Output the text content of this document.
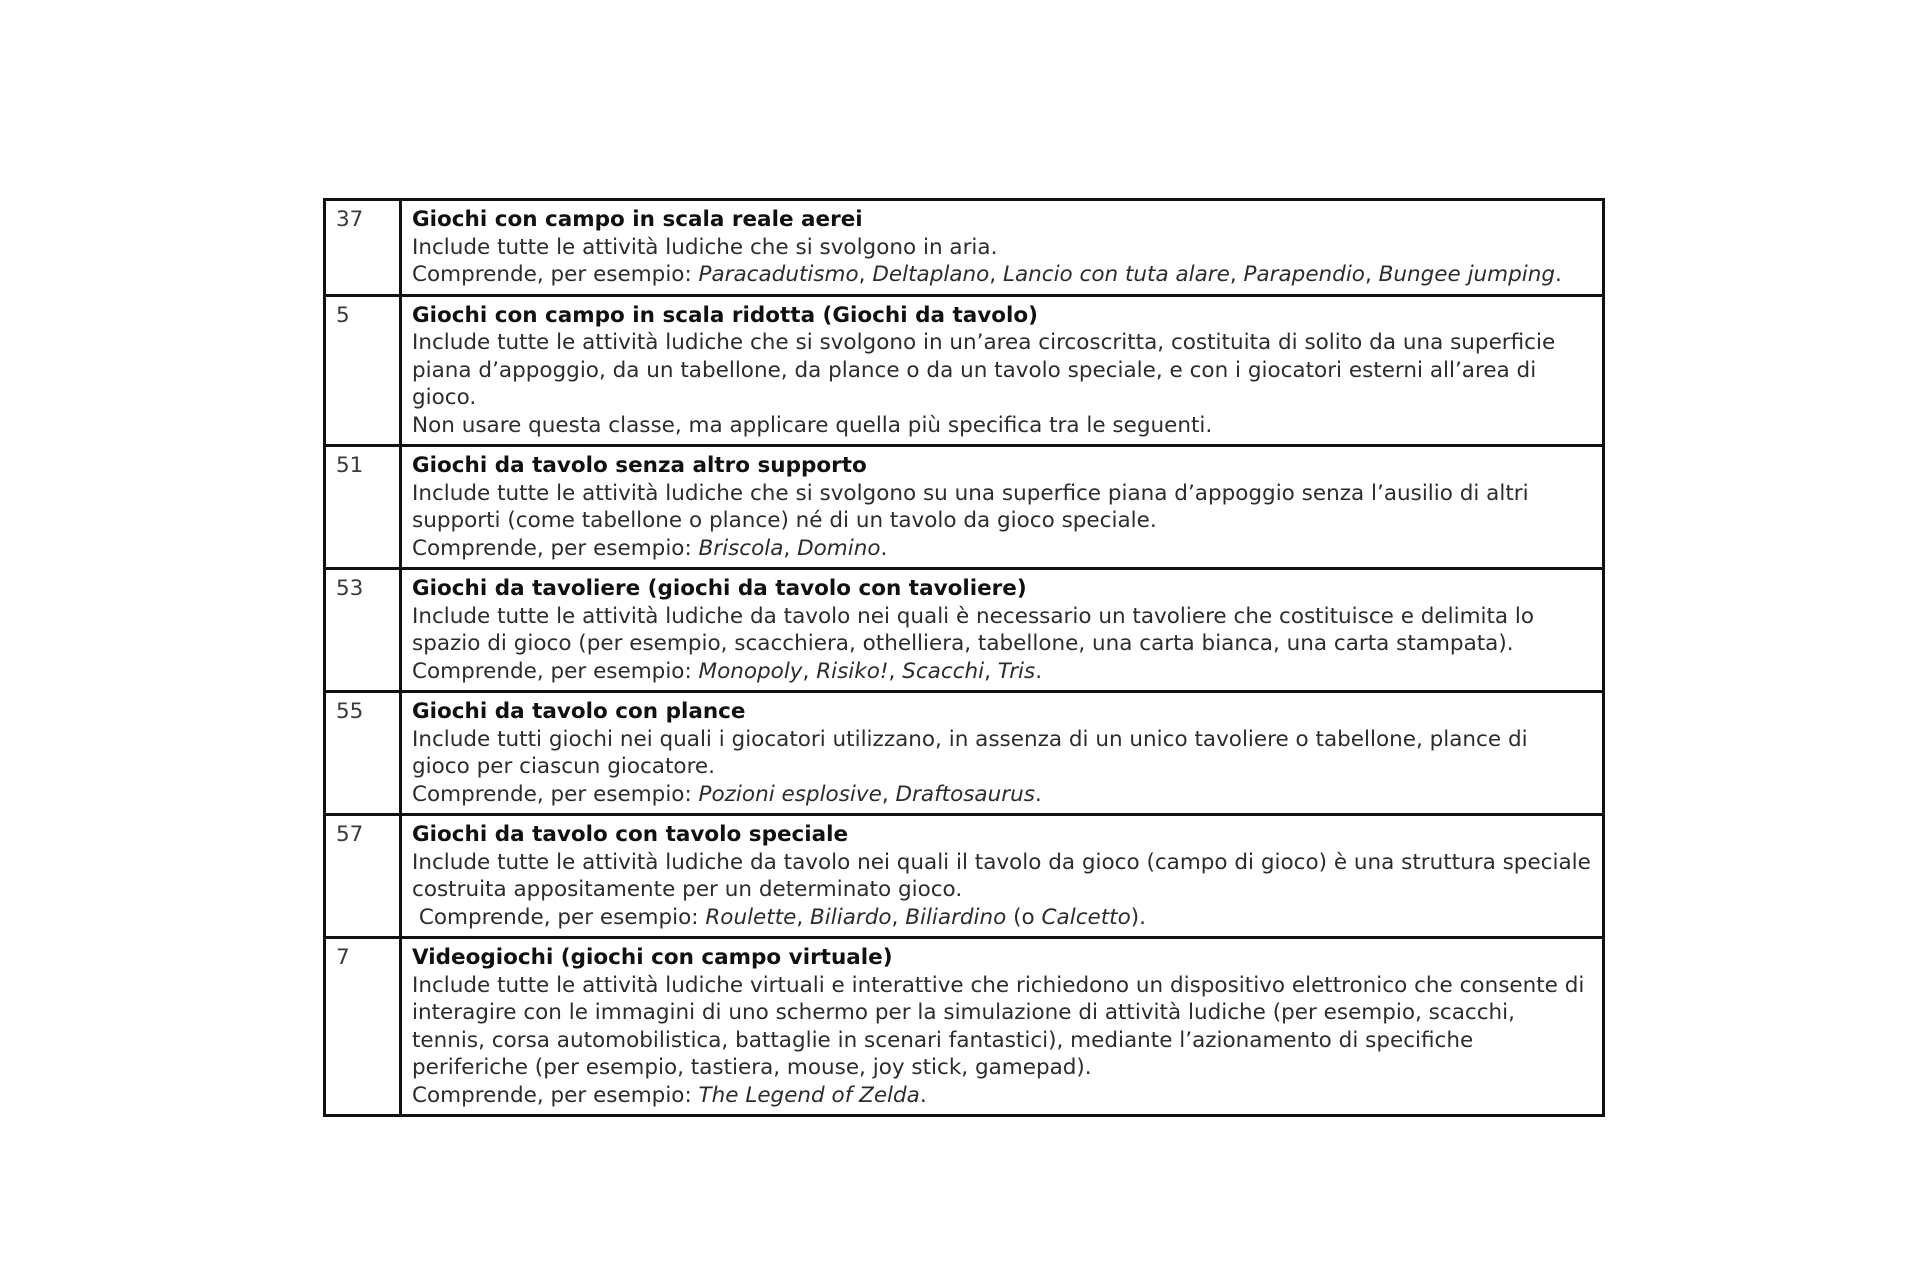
37	Giochi con campo in scala reale aerei
Include tutte le attività ludiche che si svolgono in aria.
Comprende, per esempio: Paracadutismo, Deltaplano, Lancio con tuta alare, Parapendio, Bungee jumping.

5	Giochi con campo in scala ridotta (Giochi da tavolo)
Include tutte le attività ludiche che si svolgono in un’area circoscritta, costituita di solito da una superficie piana d’appoggio, da un tabellone, da plance o da un tavolo speciale, e con i giocatori esterni all’area di gioco.
Non usare questa classe, ma applicare quella più specifica tra le seguenti.

51	Giochi da tavolo senza altro supporto
Include tutte le attività ludiche che si svolgono su una superfice piana d’appoggio senza l’ausilio di altri supporti (come tabellone o plance) né di un tavolo da gioco speciale.
Comprende, per esempio: Briscola, Domino.

53	Giochi da tavoliere (giochi da tavolo con tavoliere)
Include tutte le attività ludiche da tavolo nei quali è necessario un tavoliere che costituisce e delimita lo spazio di gioco (per esempio, scacchiera, othelliera, tabellone, una carta bianca, una carta stampata).
Comprende, per esempio: Monopoly, Risiko!, Scacchi, Tris.

55	Giochi da tavolo con plance
Include tutti giochi nei quali i giocatori utilizzano, in assenza di un unico tavoliere o tabellone, plance di gioco per ciascun giocatore.
Comprende, per esempio: Pozioni esplosive, Draftosaurus.

57	Giochi da tavolo con tavolo speciale
Include tutte le attività ludiche da tavolo nei quali il tavolo da gioco (campo di gioco) è una struttura speciale costruita appositamente per un determinato gioco.
Comprende, per esempio: Roulette, Biliardo, Biliardino (o Calcetto).

7	Videogiochi (giochi con campo virtuale)
Include tutte le attività ludiche virtuali e interattive che richiedono un dispositivo elettronico che consente di interagire con le immagini di uno schermo per la simulazione di attività ludiche (per esempio, scacchi, tennis, corsa automobilistica, battaglie in scenari fantastici), mediante l’azionamento di specifiche periferiche (per esempio, tastiera, mouse, joy stick, gamepad).
Comprende, per esempio: The Legend of Zelda.
